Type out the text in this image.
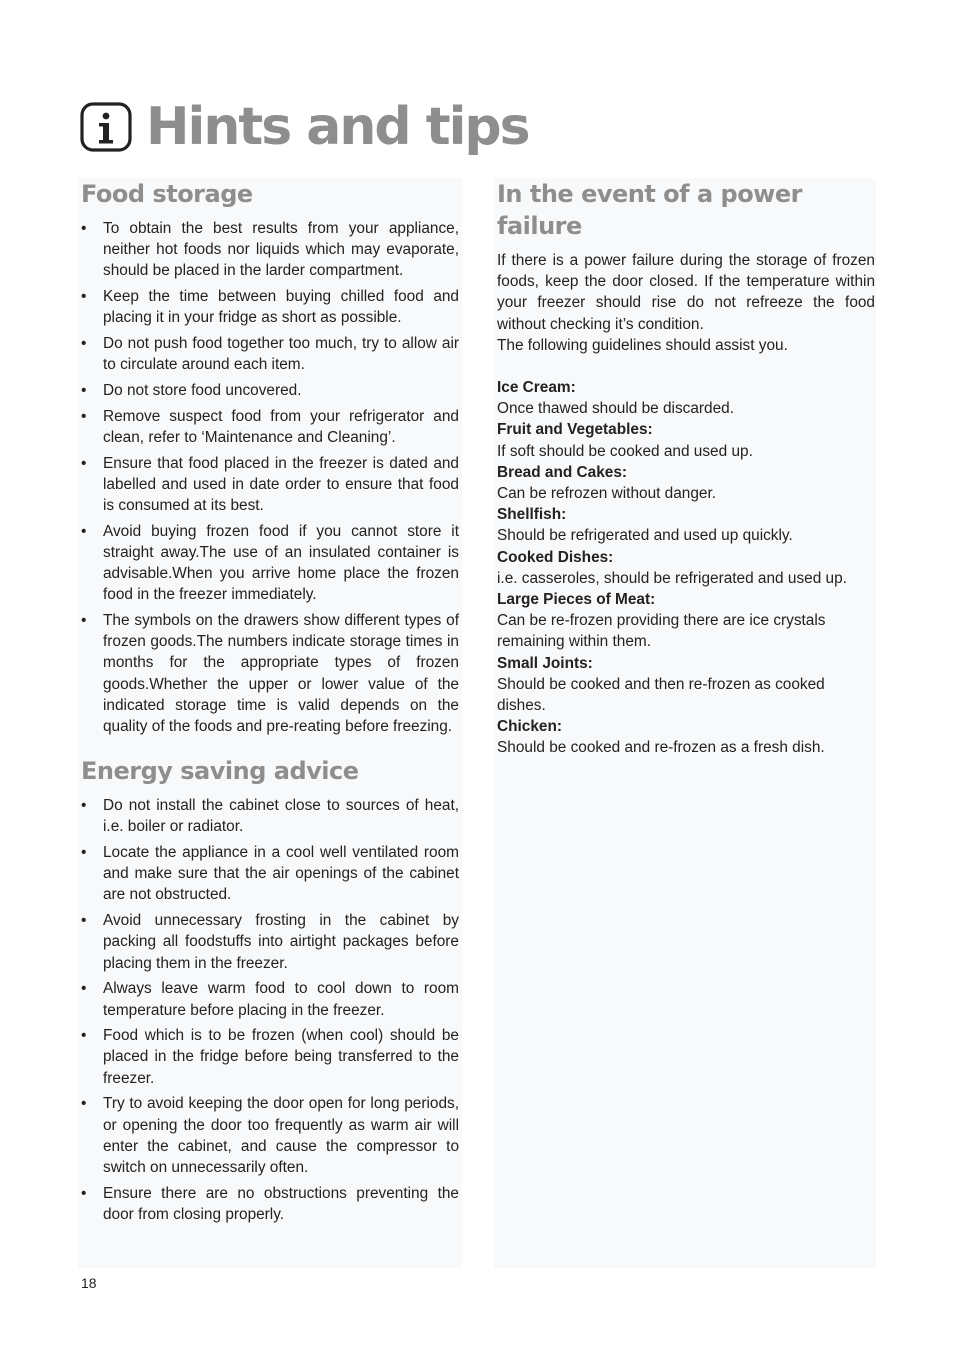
Hints and tips
Food storage
• To obtain the best results from your appliance, neither hot foods nor liquids which may evaporate, should be placed in the larder compartment.
• Keep the time between buying chilled food and placing it in your fridge as short as possible.
• Do not push food together too much, try to allow air to circulate around each item.
• Do not store food uncovered.
• Remove suspect food from your refrigerator and clean, refer to ‘Maintenance and Cleaning’.
• Ensure that food placed in the freezer is dated and labelled and used in date order to ensure that food is consumed at its best.
• Avoid buying frozen food if you cannot store it straight away.The use of an insulated container is advisable.When you arrive home place the frozen food in the freezer immediately.
• The symbols on the drawers show different types of frozen goods.The numbers indicate storage times in months for the appropriate types of frozen goods.Whether the upper or lower value of the indicated storage time is valid depends on the quality of the foods and pre-reating before freezing.
Energy saving advice
• Do not install the cabinet close to sources of heat, i.e. boiler or radiator.
• Locate the appliance in a cool well ventilated room and make sure that the air openings of the cabinet are not obstructed.
• Avoid unnecessary frosting in the cabinet by packing all foodstuffs into airtight packages before placing them in the freezer.
• Always leave warm food to cool down to room temperature before placing in the freezer.
• Food which is to be frozen (when cool) should be placed in the fridge before being transferred to the freezer.
• Try to avoid keeping the door open for long periods, or opening the door too frequently as warm air will enter the cabinet, and cause the compressor to switch on unnecessarily often.
• Ensure there are no obstructions preventing the door from closing properly.
In the event of a power failure

If there is a power failure during the storage of frozen foods, keep the door closed. If the temperature within your freezer should rise do not refreeze the food without checking it’s condition.

The following guidelines should assist you.

Ice Cream:
Once thawed should be discarded.
Fruit and Vegetables:
If soft should be cooked and used up.
Bread and Cakes:
Can be refrozen without danger.
Shellfish:
Should be refrigerated and used up quickly.
Cooked Dishes:
i.e. casseroles, should be refrigerated and used up.
Large Pieces of Meat:
Can be re-frozen providing there are ice crystals remaining within them.
Small Joints:
Should be cooked and then re-frozen as cooked dishes.
Chicken:
Should be cooked and re-frozen as a fresh dish.
18
